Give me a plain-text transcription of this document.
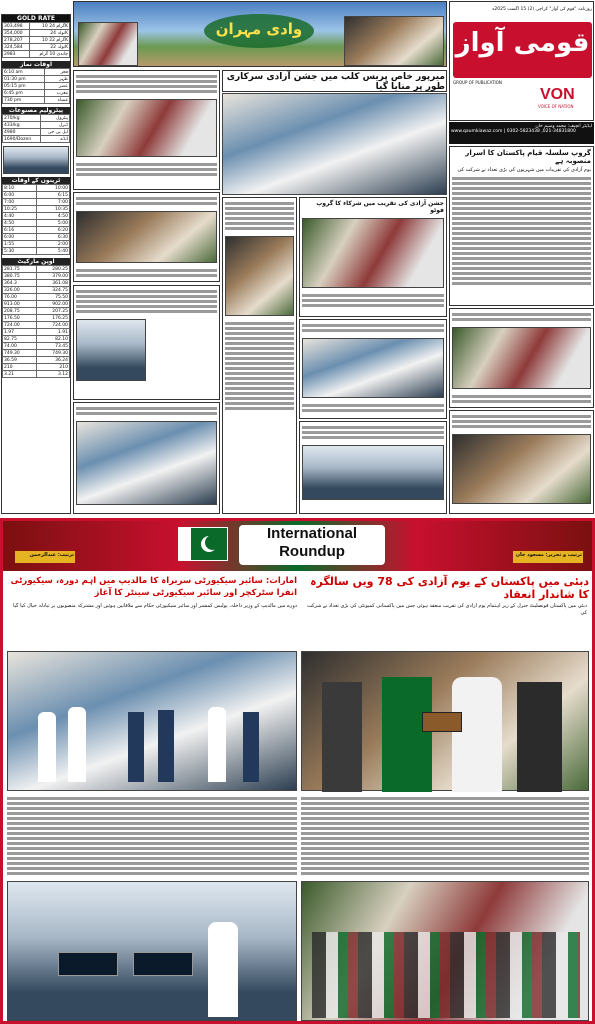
GOLD RATE
303,498	10 گرام 24K
354,000	تولہ 24K
278,207	10 گرام 22K
324,584	تولہ 22K
2983	چاندی 10 گرام
اوقات نماز
6:10 am	فجر
01:30 pm	ظہر
05:15 pm	عصر
6:45 pm	مغرب
730 pm	عشاء
پیٹرولیم مصنوعات
270/kg	پیٹرول
433/kg	ڈیزل
4980	ایل پی جی
1690/Dozen	انڈے
ٹرینوں کے اوقات
8:10	10:00
6:00	6:15
7:00	7:00
10:25	10:35
4:40	4:50
4:50	5:00
6:16	6:20
6:00	6:30
1:55	2:00
5:30	5:40
اوپن مارکیٹ
281.75	280.25
380.75	379.00
364.3	361.08
326.00	324.75
76.00	75.50
913.00	902.00
208.75	207.25
176.50	176.25
724.00	724.00
1.97	1.91
82.75	82.10
74.00	73.45
749.30	749.30
36.59	36.24
210	210
3.21	3.12
وادی مہران	قومی آواز
GROUP OF PUBLICATION
VON
VOICE OF NATION
روزنامہ "قوم کی آواز" کراچی (2) 15 اگست 2025ء
ایڈیٹر انچیف: محمد وسیم خان
021-34831800, 0302-5823438 | www.qaumkiawaz.com
میرپور خاص پریس کلب میں جشن آزادی سرکاری طور پر منایا گیا
جشن آزادی کی تقریب میں شرکاء کا گروپ فوٹو
گروپ سلسلہ قیام پاکستان کا اسرار منصوبہ ہے
یوم آزادی کی تقریبات میں شہریوں کی بڑی تعداد نے شرکت کی
International
Roundup
ترتیب: عبدالرحمن	ترتیب و تحریر: مسعود خان
امارات: سائبر سیکیورٹی سربراہ کا مالدیپ میں اہم دورہ، سیکیورٹی انفرا سٹرکچر اور سائبر سیکیورٹی سینٹر کا آغاز
دبئی میں پاکستان کے یوم آزادی کی 78 ویں سالگرہ کا شاندار انعقاد
دورے میں مالدیپ کے وزیر داخلہ، پولیس کمشنر اور سائبر سیکیورٹی حکام سے ملاقاتیں ہوئیں اور مشترکہ منصوبوں پر تبادلہ خیال کیا گیا	دبئی میں پاکستان قونصلیٹ جنرل کے زیر اہتمام یوم آزادی کی تقریب منعقد ہوئی جس میں پاکستانی کمیونٹی کی بڑی تعداد نے شرکت کی
